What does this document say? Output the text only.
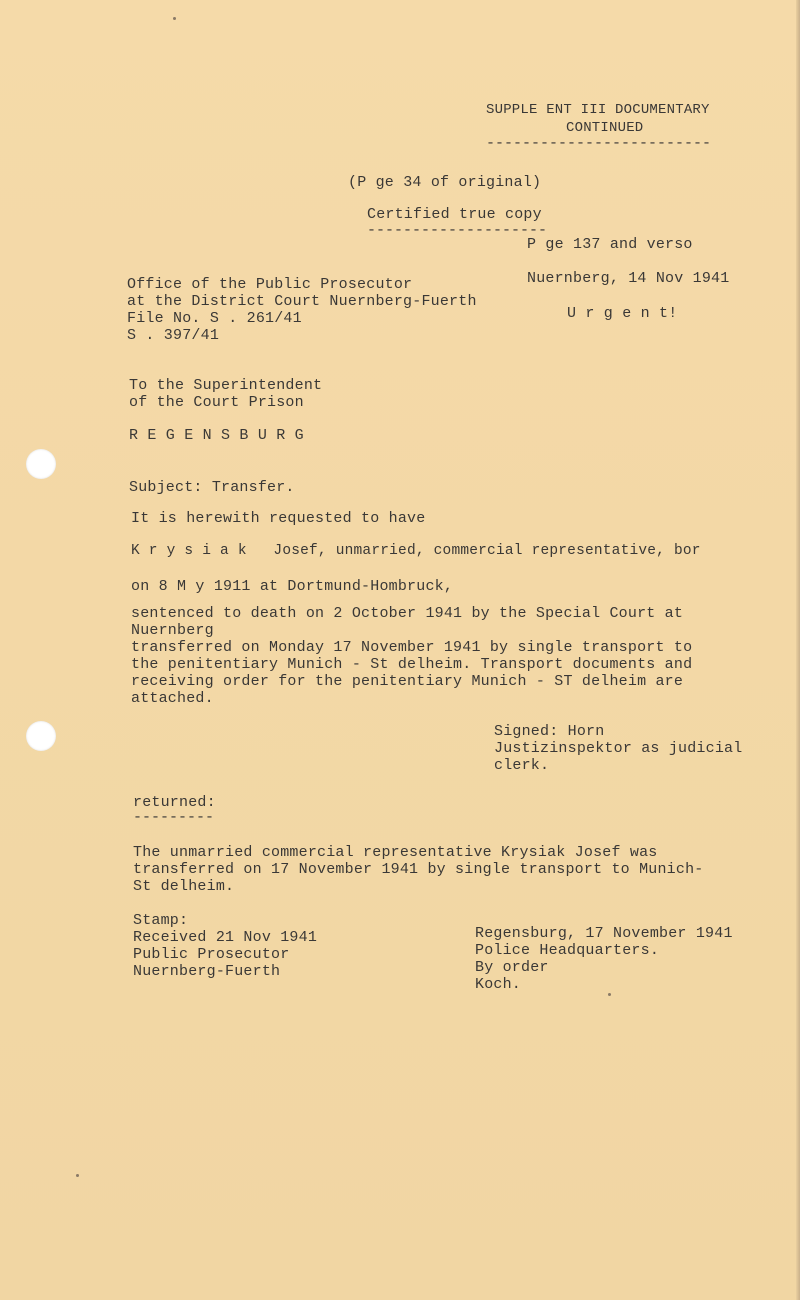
SUPPLE ENT III DOCUMENTARY
CONTINUED
-------------------------
(P ge 34 of original)
Certified true copy
--------------------
P ge 137 and verso
Office of the Public Prosecutor
at the District Court Nuernberg-Fuerth
File No. S . 261/41
S . 397/41
Nuernberg, 14 Nov 1941
U r g e n t!
To the Superintendent
of the Court Prison
R E G E N S B U R G
Subject: Transfer.
It is herewith requested to have
K r y s i a k   Josef, unmarried, commercial representative, bor
on 8 M y 1911 at Dortmund-Hombruck,
sentenced to death on 2 October 1941 by the Special Court at
Nuernberg
transferred on Monday 17 November 1941 by single transport to
the penitentiary Munich - St delheim. Transport documents and
receiving order for the penitentiary Munich - ST delheim are
attached.
Signed: Horn
Justizinspektor as judicial
clerk.
returned:
---------
The unmarried commercial representative Krysiak Josef was
transferred on 17 November 1941 by single transport to Munich-
St delheim.
Stamp:
Received 21 Nov 1941
Public Prosecutor
Nuernberg-Fuerth
Regensburg, 17 November 1941
Police Headquarters.
By order
Koch.
